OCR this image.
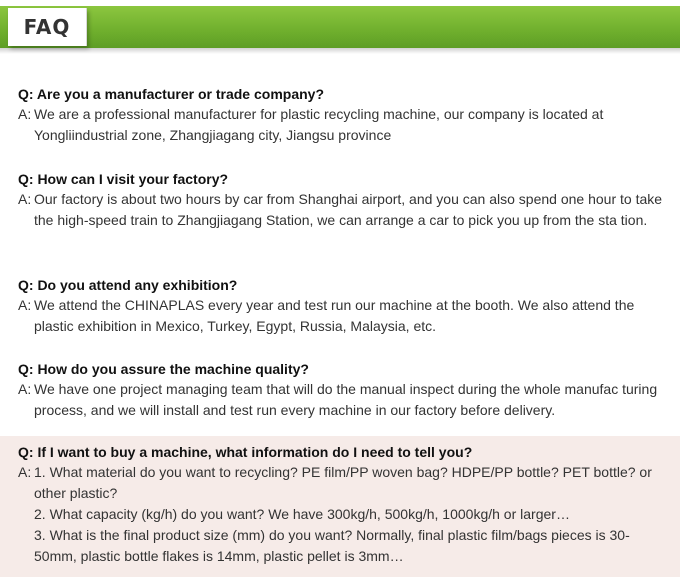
FAQ

Q: Are you a manufacturer or trade company?

A: We are a professional manufacturer for plastic recycling machine, our company is located at Yongliindustrial zone, Zhangjiagang city, Jiangsu province

Q: How can I visit your factory?

A: Our factory is about two hours by car from Shanghai airport, and you can also spend one hour to take the high-speed train to Zhangjiagang Station, we can arrange a car to pick you up from the sta tion.

Q: Do you attend any exhibition?

A: We attend the CHINAPLAS every year and test run our machine at the booth. We also attend the plastic exhibition in Mexico, Turkey, Egypt, Russia, Malaysia, etc.

Q: How do you assure the machine quality?

A: We have one project managing team that will do the manual inspect during the whole manufac turing process, and we will install and test run every machine in our factory before delivery.

Q: If I want to buy a machine, what information do I need to tell you?

A: 1. What material do you want to recycling? PE film/PP woven bag? HDPE/PP bottle? PET bottle? or other plastic?
2. What capacity (kg/h) do you want? We have 300kg/h, 500kg/h, 1000kg/h or larger…
3. What is the final product size (mm) do you want? Normally, final plastic film/bags pieces is 30-50mm, plastic bottle flakes is 14mm, plastic pellet is 3mm…
